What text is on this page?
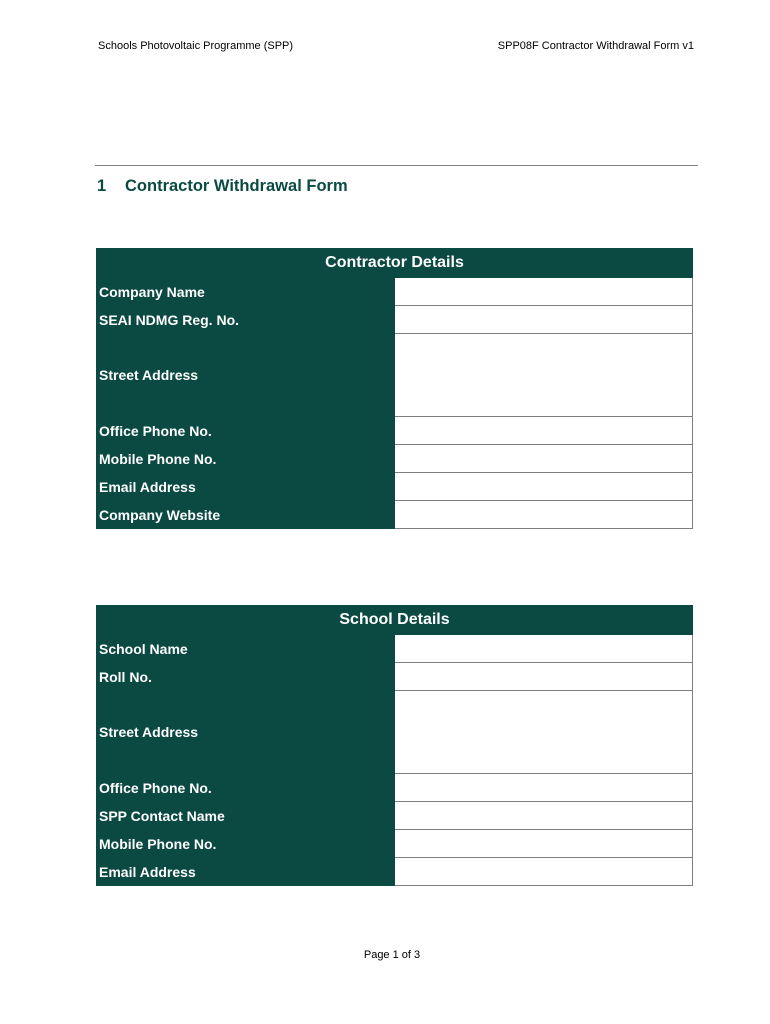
Schools Photovoltaic Programme (SPP)	SPP08F Contractor Withdrawal Form v1
1 Contractor Withdrawal Form
Contractor Details	
Company Name	
SEAI NDMG Reg. No.	
Street Address	
Office Phone No.	
Mobile Phone No.	
Email Address	
Company Website	
School Details	
School Name	
Roll No.	
Street Address	
Office Phone No.	
SPP Contact Name	
Mobile Phone No.	
Email Address	
Page 1 of 3
